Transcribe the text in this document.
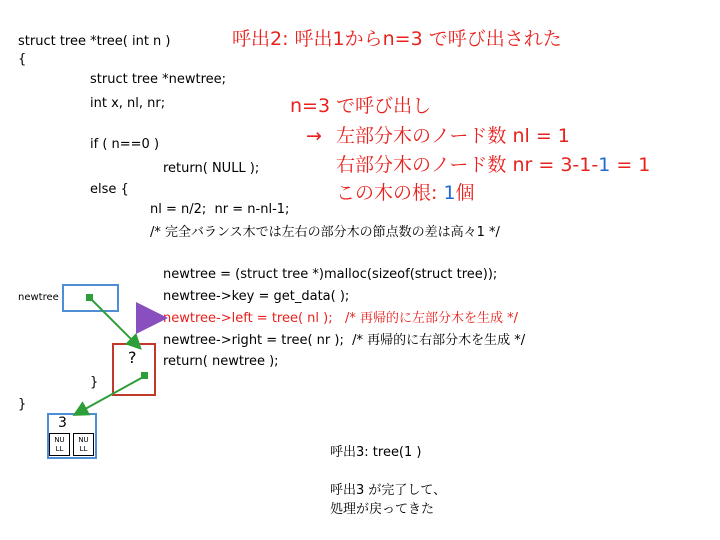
struct tree *tree( int n )
{
struct tree *newtree;
int x, nl, nr;
if ( n==0 )
return( NULL );
else {
nl = n/2;  nr = n-nl-1;
/* 完全バランス木では左右の部分木の節点数の差は高々1 */
newtree = (struct tree *)malloc(sizeof(struct tree));
newtree->key = get_data( );
newtree->left = tree( nl );   /* 再帰的に左部分木を生成 */
newtree->right = tree( nr );  /* 再帰的に右部分木を生成 */
return( newtree );
}
}
呼出2: 呼出1からn=3 で呼び出された
n=3 で呼び出し
→ 左部分木のノード数 nl = 1
右部分木のノード数 nr = 3-1-1 = 1
この木の根: 1個
呼出3: tree(1 )
呼出3 が完了して、
処理が戻ってきた
newtree
?
3
NU LL
NU LL
